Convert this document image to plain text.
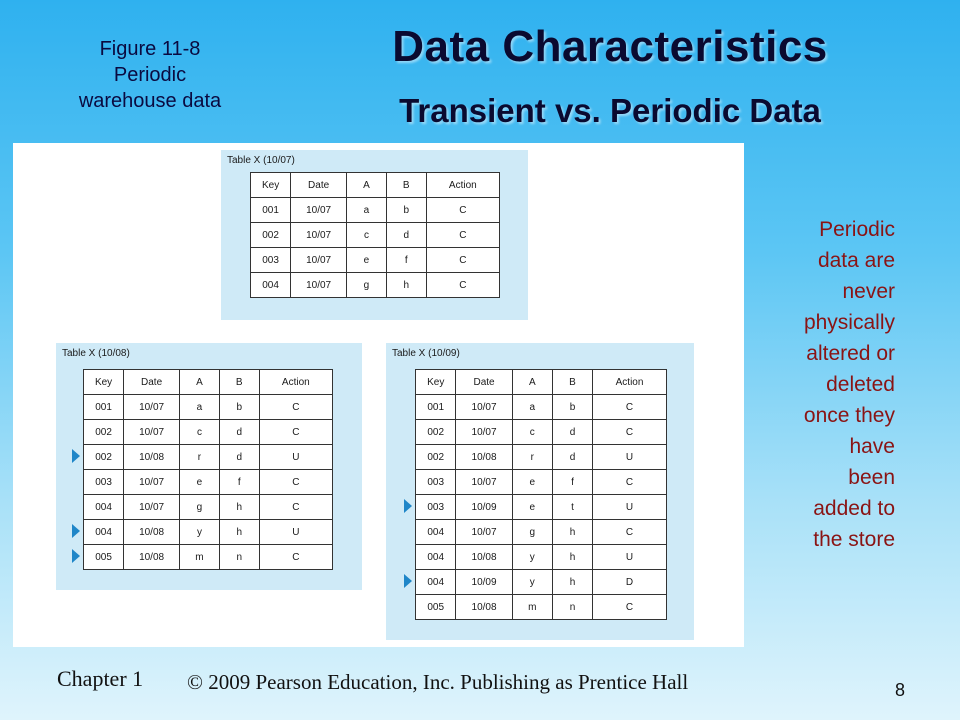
Figure 11-8
Periodic
warehouse data
Data Characteristics
Transient vs. Periodic Data
Table X (10/07)
Key	Date	A	B	Action
001	10/07	a	b	C
002	10/07	c	d	C
003	10/07	e	f	C
004	10/07	g	h	C
Table X (10/08)
Key	Date	A	B	Action
001	10/07	a	b	C
002	10/07	c	d	C
002	10/08	r	d	U
003	10/07	e	f	C
004	10/07	g	h	C
004	10/08	y	h	U
005	10/08	m	n	C
Table X (10/09)
Key	Date	A	B	Action
001	10/07	a	b	C
002	10/07	c	d	C
002	10/08	r	d	U
003	10/07	e	f	C
003	10/09	e	t	U
004	10/07	g	h	C
004	10/08	y	h	U
004	10/09	y	h	D
005	10/08	m	n	C
Periodic
data are
never
physically
altered or
deleted
once they
have
been
added to
the store
Chapter 1 © 2009 Pearson Education, Inc. Publishing as Prentice Hall	8
